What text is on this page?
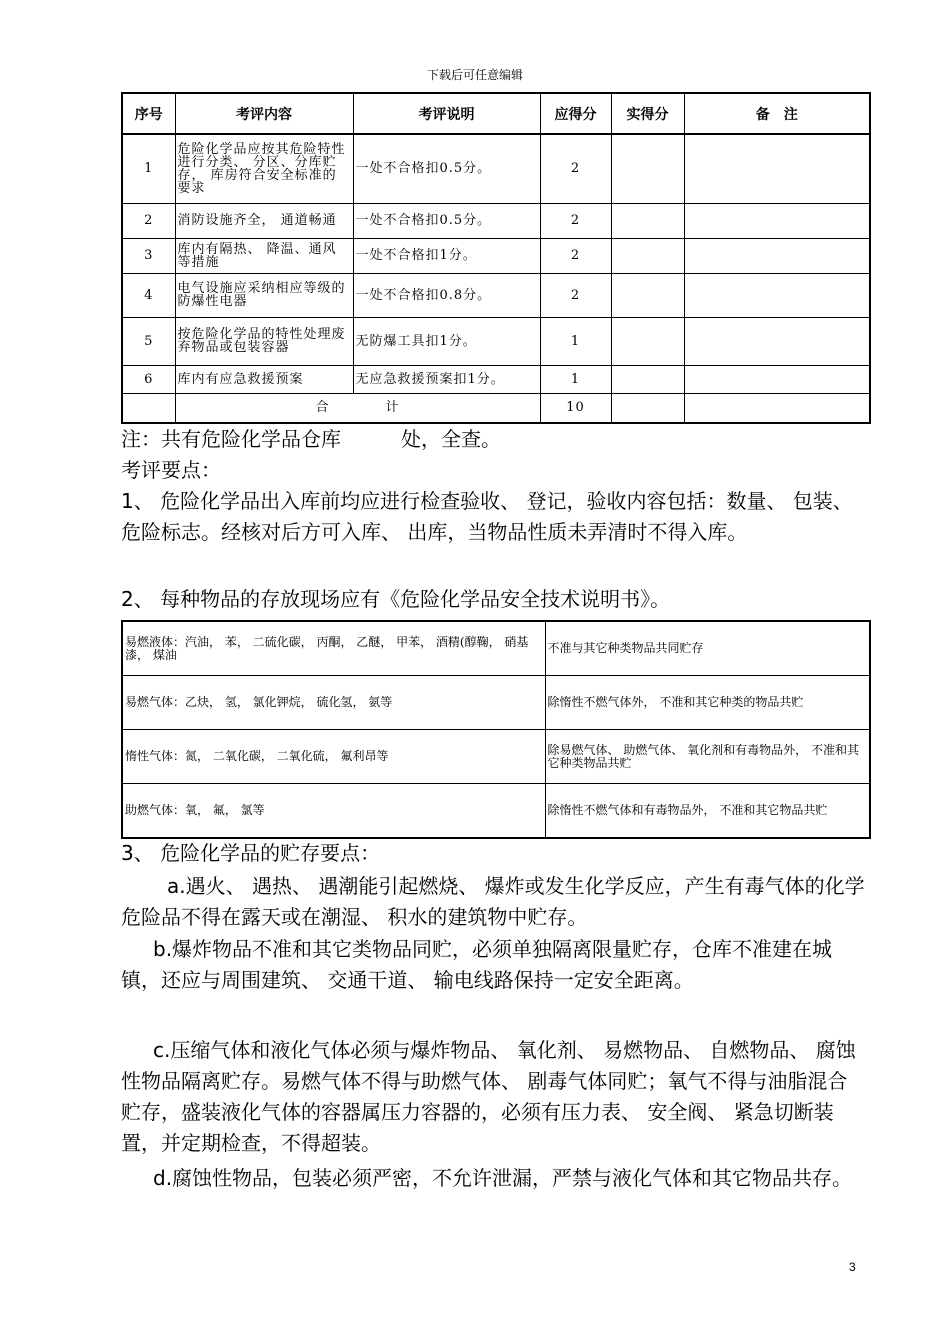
下载后可任意编辑
序号	考评内容	考评说明	应得分	实得分	备　注
1	危险化学品应按其危险特性进行分类、 分区、分库贮存， 库房符合安全标准的要求	一处不合格扣0.5分。	2		
2	消防设施齐全， 通道畅通	一处不合格扣0.5分。	2		
3	库内有隔热、 降温、通风等措施	一处不合格扣1分。	2		
4	电气设施应采纳相应等级的防爆性电器	一处不合格扣0.8分。	2		
5	按危险化学品的特性处理废弃物品或包装容器	无防爆工具扣1分。	1		
6	库内有应急救援预案	无应急救援预案扣1分。	1		
	合　　　　计		10		

注：共有危险化学品仓库　　　处，全查。

考评要点：

1、 危险化学品出入库前均应进行检查验收、 登记，验收内容包括：数量、 包装、 危险标志。经核对后方可入库、 出库，当物品性质未弄清时不得入库。

2、 每种物品的存放现场应有《危险化学品安全技术说明书》。

易燃液体：汽油， 苯， 二硫化碳， 丙酮， 乙醚， 甲苯， 酒精(醇鞠， 硝基漆， 煤油	不准与其它种类物品共同贮存
易燃气体：乙炔， 氢， 氯化钾烷， 硫化氢， 氨等	除惰性不燃气体外， 不准和其它种类的物品共贮
惰性气体：氮， 二氧化碳， 二氧化硫， 氟利昂等	除易燃气体、 助燃气体、 氧化剂和有毒物品外， 不准和其它种类物品共贮
助燃气体：氧， 氟， 氯等	除惰性不燃气体和有毒物品外， 不准和其它物品共贮

3、 危险化学品的贮存要点：

a.遇火、 遇热、 遇潮能引起燃烧、 爆炸或发生化学反应，产生有毒气体的化学危险品不得在露天或在潮湿、 积水的建筑物中贮存。

b.爆炸物品不准和其它类物品同贮，必须单独隔离限量贮存，仓库不准建在城镇，还应与周围建筑、 交通干道、 输电线路保持一定安全距离。

c.压缩气体和液化气体必须与爆炸物品、 氧化剂、 易燃物品、 自燃物品、 腐蚀性物品隔离贮存。易燃气体不得与助燃气体、 剧毒气体同贮；氧气不得与油脂混合贮存，盛装液化气体的容器属压力容器的，必须有压力表、 安全阀、 紧急切断装置，并定期检查，不得超装。

d.腐蚀性物品，包装必须严密，不允许泄漏，严禁与液化气体和其它物品共存。

3
